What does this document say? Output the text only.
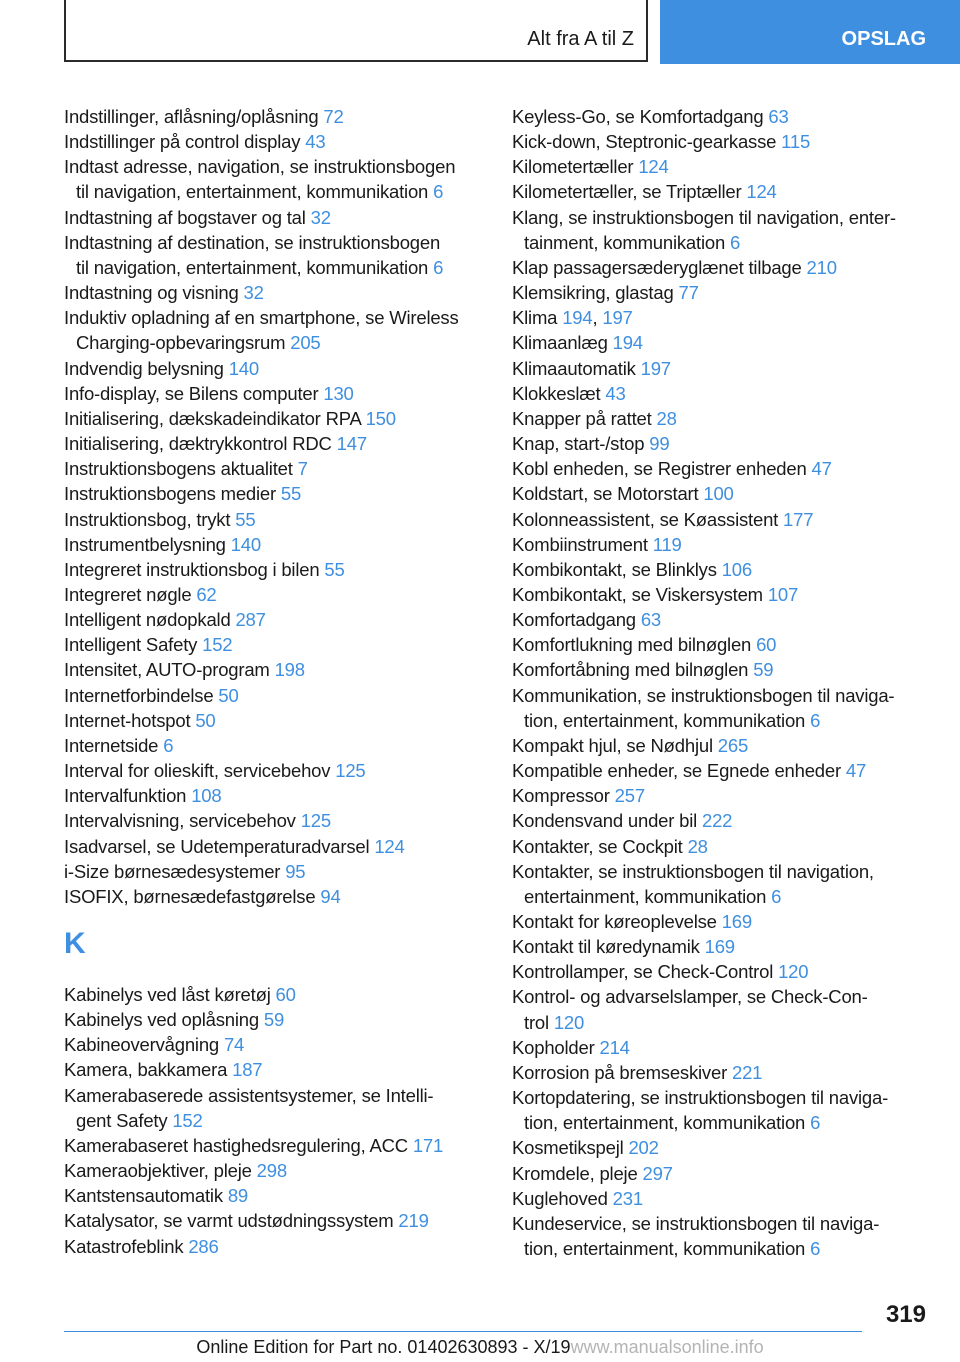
Alt fra A til Z	OPSLAG
Indstillinger, aflåsning/oplåsning 72
Indstillinger på control display 43
Indtast adresse, navigation, se instruktionsbogen
til navigation, entertainment, kommunikation 6
Indtastning af bogstaver og tal 32
Indtastning af destination, se instruktionsbogen
til navigation, entertainment, kommunikation 6
Indtastning og visning 32
Induktiv opladning af en smartphone, se Wireless
Charging-opbevaringsrum 205
Indvendig belysning 140
Info-display, se Bilens computer 130
Initialisering, dækskadeindikator RPA 150
Initialisering, dæktrykkontrol RDC 147
Instruktionsbogens aktualitet 7
Instruktionsbogens medier 55
Instruktionsbog, trykt 55
Instrumentbelysning 140
Integreret instruktionsbog i bilen 55
Integreret nøgle 62
Intelligent nødopkald 287
Intelligent Safety 152
Intensitet, AUTO-program 198
Internetforbindelse 50
Internet-hotspot 50
Internetside 6
Interval for olieskift, servicebehov 125
Intervalfunktion 108
Intervalvisning, servicebehov 125
Isadvarsel, se Udetemperaturadvarsel 124
i-Size børnesædesystemer 95
ISOFIX, børnesædefastgørelse 94
K
Kabinelys ved låst køretøj 60
Kabinelys ved oplåsning 59
Kabineovervågning 74
Kamera, bakkamera 187
Kamerabaserede assistentsystemer, se Intelli-
gent Safety 152
Kamerabaseret hastighedsregulering, ACC 171
Kameraobjektiver, pleje 298
Kantstensautomatik 89
Katalysator, se varmt udstødningssystem 219
Katastrofeblink 286
Keyless-Go, se Komfortadgang 63
Kick-down, Steptronic-gearkasse 115
Kilometertæller 124
Kilometertæller, se Triptæller 124
Klang, se instruktionsbogen til navigation, enter-
tainment, kommunikation 6
Klap passagersæderyglænet tilbage 210
Klemsikring, glastag 77
Klima 194, 197
Klimaanlæg 194
Klimaautomatik 197
Klokkeslæt 43
Knapper på rattet 28
Knap, start-/stop 99
Kobl enheden, se Registrer enheden 47
Koldstart, se Motorstart 100
Kolonneassistent, se Køassistent 177
Kombiinstrument 119
Kombikontakt, se Blinklys 106
Kombikontakt, se Viskersystem 107
Komfortadgang 63
Komfortlukning med bilnøglen 60
Komfortåbning med bilnøglen 59
Kommunikation, se instruktionsbogen til naviga-
tion, entertainment, kommunikation 6
Kompakt hjul, se Nødhjul 265
Kompatible enheder, se Egnede enheder 47
Kompressor 257
Kondensvand under bil 222
Kontakter, se Cockpit 28
Kontakter, se instruktionsbogen til navigation,
entertainment, kommunikation 6
Kontakt for køreoplevelse 169
Kontakt til køredynamik 169
Kontrollamper, se Check-Control 120
Kontrol- og advarselslamper, se Check-Con-
trol 120
Kopholder 214
Korrosion på bremseskiver 221
Kortopdatering, se instruktionsbogen til naviga-
tion, entertainment, kommunikation 6
Kosmetikspejl 202
Kromdele, pleje 297
Kuglehoved 231
Kundeservice, se instruktionsbogen til naviga-
tion, entertainment, kommunikation 6
319
Online Edition for Part no. 01402630893 - X/19www.manualsonline.info
